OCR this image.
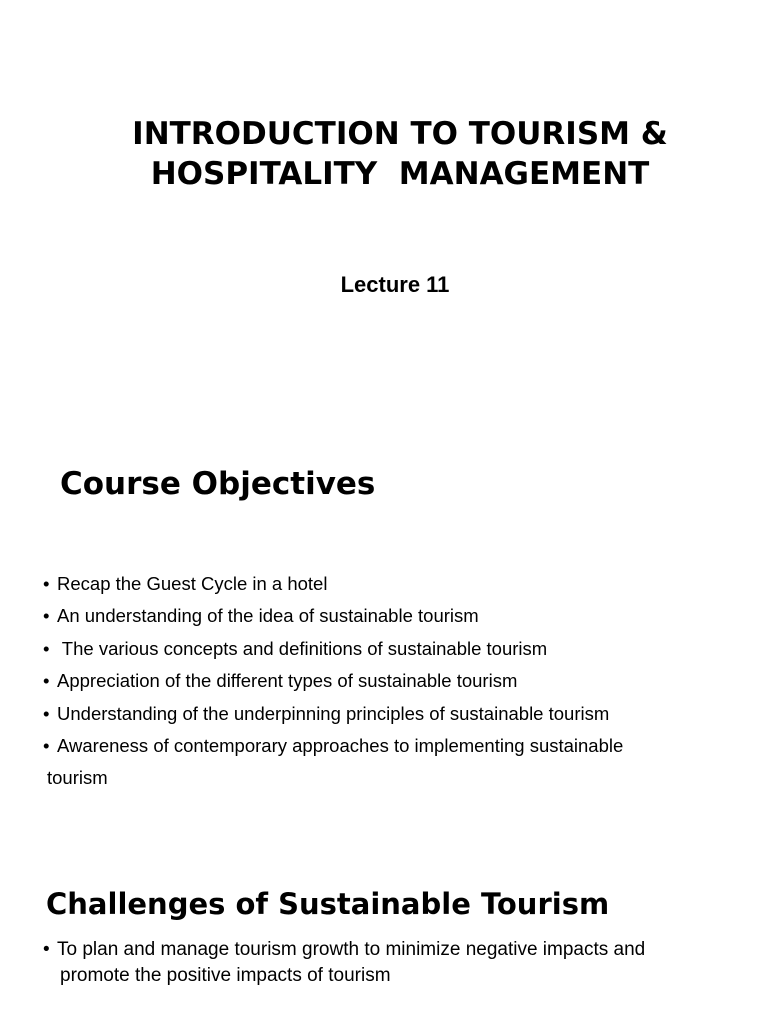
INTRODUCTION TO TOURISM &
HOSPITALITY  MANAGEMENT

Lecture 11

Course Objectives
• Recap the Guest Cycle in a hotel
• An understanding of the idea of sustainable tourism
• The various concepts and definitions of sustainable tourism
• Appreciation of the different types of sustainable tourism
• Understanding of the underpinning principles of sustainable tourism
• Awareness of contemporary approaches to implementing sustainable
tourism
Challenges of Sustainable Tourism
• To plan and manage tourism growth to minimize negative impacts and
promote the positive impacts of tourism
